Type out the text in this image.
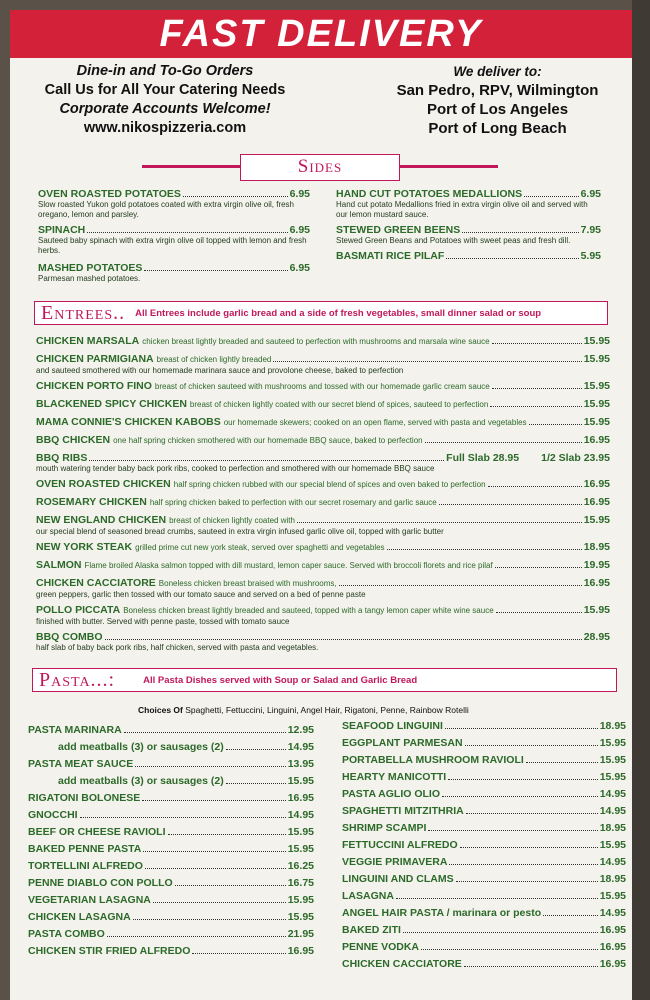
FAST DELIVERY
Dine-in and To-Go Orders
Call Us for All Your Catering Needs
Corporate Accounts Welcome!
www.nikospizzeria.com
We deliver to:
San Pedro, RPV, Wilmington
Port of Los Angeles
Port of Long Beach
Sides
OVEN ROASTED POTATOES	6.95
Slow roasted Yukon gold potatoes coated with extra virgin olive oil, fresh oregano, lemon and parsley.
SPINACH	6.95
Sauteed baby spinach with extra virgin olive oil topped with lemon and fresh herbs.
MASHED POTATOES	6.95
Parmesan mashed potatoes.
HAND CUT POTATOES MEDALLIONS	6.95
Hand cut potato Medallions fried in extra virgin olive oil and served with our lemon mustard sauce.
STEWED GREEN BEENS	7.95
Stewed Green Beans and Potatoes with sweet peas and fresh dill.
BASMATI RICE PILAF	5.95
Entrees.. All Entrees include garlic bread and a side of fresh vegetables, small dinner salad or soup
CHICKEN MARSALA chicken breast lightly breaded and sauteed to perfection with mushrooms and marsala wine sauce	15.95
CHICKEN PARMIGIANA breast of chicken lightly breaded	15.95
and sauteed smothered with our homemade marinara sauce and provolone cheese, baked to perfection
CHICKEN PORTO FINO breast of chicken sauteed with mushrooms and tossed with our homemade garlic cream sauce	15.95
BLACKENED SPICY CHICKEN breast of chicken lightly coated with our secret blend of spices, sauteed to perfection	15.95
MAMA CONNIE'S CHICKEN KABOBS our homemade skewers; cooked on an open flame, served with pasta and vegetables	15.95
BBQ CHICKEN one half spring chicken smothered with our homemade BBQ sauce, baked to perfection	16.95
BBQ RIBS	Full Slab 28.95 1/2 Slab 23.95
mouth watering tender baby back pork ribs, cooked to perfection and smothered with our homemade BBQ sauce
OVEN ROASTED CHICKEN half spring chicken rubbed with our special blend of spices and oven baked to perfection	16.95
ROSEMARY CHICKEN half spring chicken baked to perfection with our secret rosemary and garlic sauce	16.95
NEW ENGLAND CHICKEN breast of chicken lightly coated with	15.95
our special blend of seasoned bread crumbs, sauteed in extra virgin infused garlic olive oil, topped with garlic butter
NEW YORK STEAK grilled prime cut new york steak, served over spaghetti and vegetables	18.95
SALMON Flame broiled Alaska salmon topped with dill mustard, lemon caper sauce. Served with broccoli florets and rice pilaf	19.95
CHICKEN CACCIATORE Boneless chicken breast braised with mushrooms,	16.95
green peppers, garlic then tossed with our tomato sauce and served on a bed of penne paste
POLLO PICCATA Boneless chicken breast lightly breaded and sauteed, topped with a tangy lemon caper white wine sauce	15.95
finished with butter. Served with penne paste, tossed with tomato sauce
BBQ COMBO	28.95
half slab of baby back pork ribs, half chicken, served with pasta and vegetables.
Pasta...:	All Pasta Dishes served with Soup or Salad and Garlic Bread
Choices Of Spaghetti, Fettuccini, Linguini, Angel Hair, Rigatoni, Penne, Rainbow Rotelli
PASTA MARINARA	12.95
add meatballs (3) or sausages (2)	14.95
PASTA MEAT SAUCE	13.95
add meatballs (3) or sausages (2)	15.95
RIGATONI BOLONESE	16.95
GNOCCHI	14.95
BEEF OR CHEESE RAVIOLI	15.95
BAKED PENNE PASTA	15.95
TORTELLINI ALFREDO	16.25
PENNE DIABLO CON POLLO	16.75
VEGETARIAN LASAGNA	15.95
CHICKEN LASAGNA	15.95
PASTA COMBO	21.95
CHICKEN STIR FRIED ALFREDO	16.95
SEAFOOD LINGUINI	18.95
EGGPLANT PARMESAN	15.95
PORTABELLA MUSHROOM RAVIOLI	15.95
HEARTY MANICOTTI	15.95
PASTA AGLIO OLIO	14.95
SPAGHETTI MITZITHRIA	14.95
SHRIMP SCAMPI	18.95
FETTUCCINI ALFREDO	15.95
VEGGIE PRIMAVERA	14.95
LINGUINI AND CLAMS	18.95
LASAGNA	15.95
ANGEL HAIR PASTA / marinara or pesto	14.95
BAKED ZITI	16.95
PENNE VODKA	16.95
CHICKEN CACCIATORE	16.95
